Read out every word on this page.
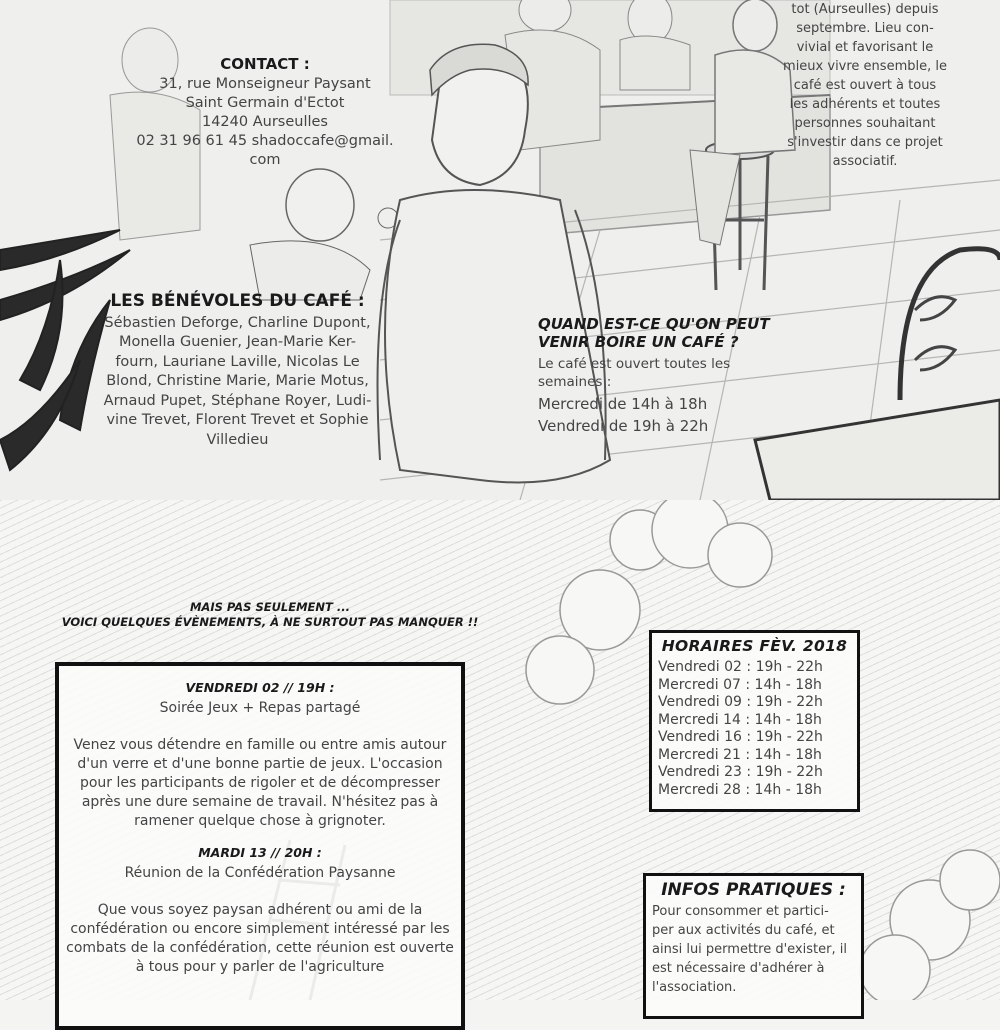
CONTACT :
31, rue Monseigneur Paysant
Saint Germain d'Ectot
14240 Aurseulles
02 31 96 61 45 shadoccafe@gmail.
com
tot (Aurseulles) depuis
septembre. Lieu con-
vivial et favorisant le
mieux vivre ensemble, le
café est ouvert à tous
les adhérents et toutes
personnes souhaitant
s'investir dans ce projet
associatif.
LES BÉNÉVOLES DU CAFÉ :
Sébastien Deforge, Charline Dupont,
Monella Guenier, Jean-Marie Ker-
fourn, Lauriane Laville, Nicolas Le
Blond, Christine Marie, Marie Motus,
Arnaud Pupet, Stéphane Royer, Ludi-
vine Trevet, Florent Trevet et Sophie
Villedieu
QUAND EST-CE QU'ON PEUT
VENIR BOIRE UN CAFÉ ?
Le café est ouvert toutes les
semaines :
Mercredi de 14h à 18h
Vendredi de 19h à 22h
MAIS PAS SEULEMENT ...
VOICI QUELQUES ÉVÈNEMENTS, À NE SURTOUT PAS MANQUER !!
VENDREDI 02 // 19H :
Soirée Jeux + Repas partagé
Venez vous détendre en famille ou entre amis autour d'un verre et d'une bonne partie de jeux. L'occasion pour les participants de rigoler et de décompresser après une dure semaine de travail. N'hésitez pas à ramener quelque chose à grignoter.
MARDI 13 // 20H :
Réunion de la Confédération Paysanne
Que vous soyez paysan adhérent ou ami de la confédération ou encore simplement intéressé par les combats de la confédération, cette réunion est ouverte à tous pour y parler de l'agriculture
HORAIRES FÈV. 2018
Vendredi 02 : 19h - 22h
Mercredi 07 : 14h - 18h
Vendredi 09 : 19h - 22h
Mercredi 14 : 14h - 18h
Vendredi 16 : 19h - 22h
Mercredi 21 : 14h - 18h
Vendredi 23 : 19h - 22h
Mercredi 28 : 14h - 18h
INFOS PRATIQUES :
Pour consommer et partici-
per aux activités du café, et
ainsi lui permettre d'exister, il
est nécessaire d'adhérer à
l'association.
